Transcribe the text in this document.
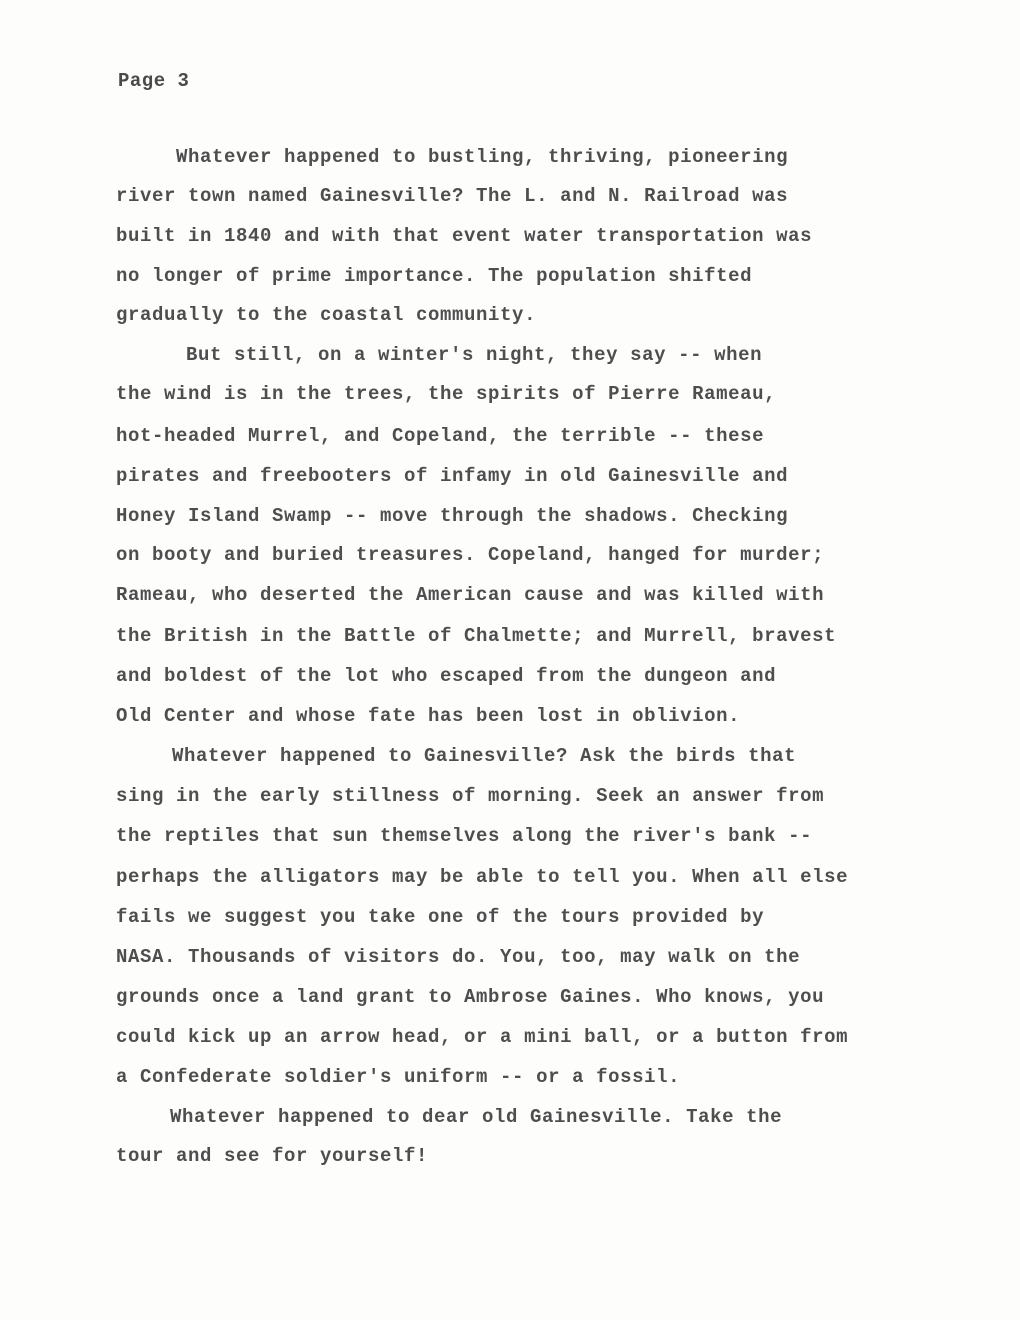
Page 3
Whatever happened to bustling, thriving, pioneering
river town named Gainesville? The L. and N. Railroad was
built in 1840 and with that event water transportation was
no longer of prime importance. The population shifted
gradually to the coastal community.
But still, on a winter's night, they say -- when
the wind is in the trees, the spirits of Pierre Rameau,
hot-headed Murrel, and Copeland, the terrible -- these
pirates and freebooters of infamy in old Gainesville and
Honey Island Swamp -- move through the shadows. Checking
on booty and buried treasures. Copeland, hanged for murder;
Rameau, who deserted the American cause and was killed with
the British in the Battle of Chalmette; and Murrell, bravest
and boldest of the lot who escaped from the dungeon and
Old Center and whose fate has been lost in oblivion.
Whatever happened to Gainesville? Ask the birds that
sing in the early stillness of morning. Seek an answer from
the reptiles that sun themselves along the river's bank --
perhaps the alligators may be able to tell you. When all else
fails we suggest you take one of the tours provided by
NASA. Thousands of visitors do. You, too, may walk on the
grounds once a land grant to Ambrose Gaines. Who knows, you
could kick up an arrow head, or a mini ball, or a button from
a Confederate soldier's uniform -- or a fossil.
Whatever happened to dear old Gainesville. Take the
tour and see for yourself!
